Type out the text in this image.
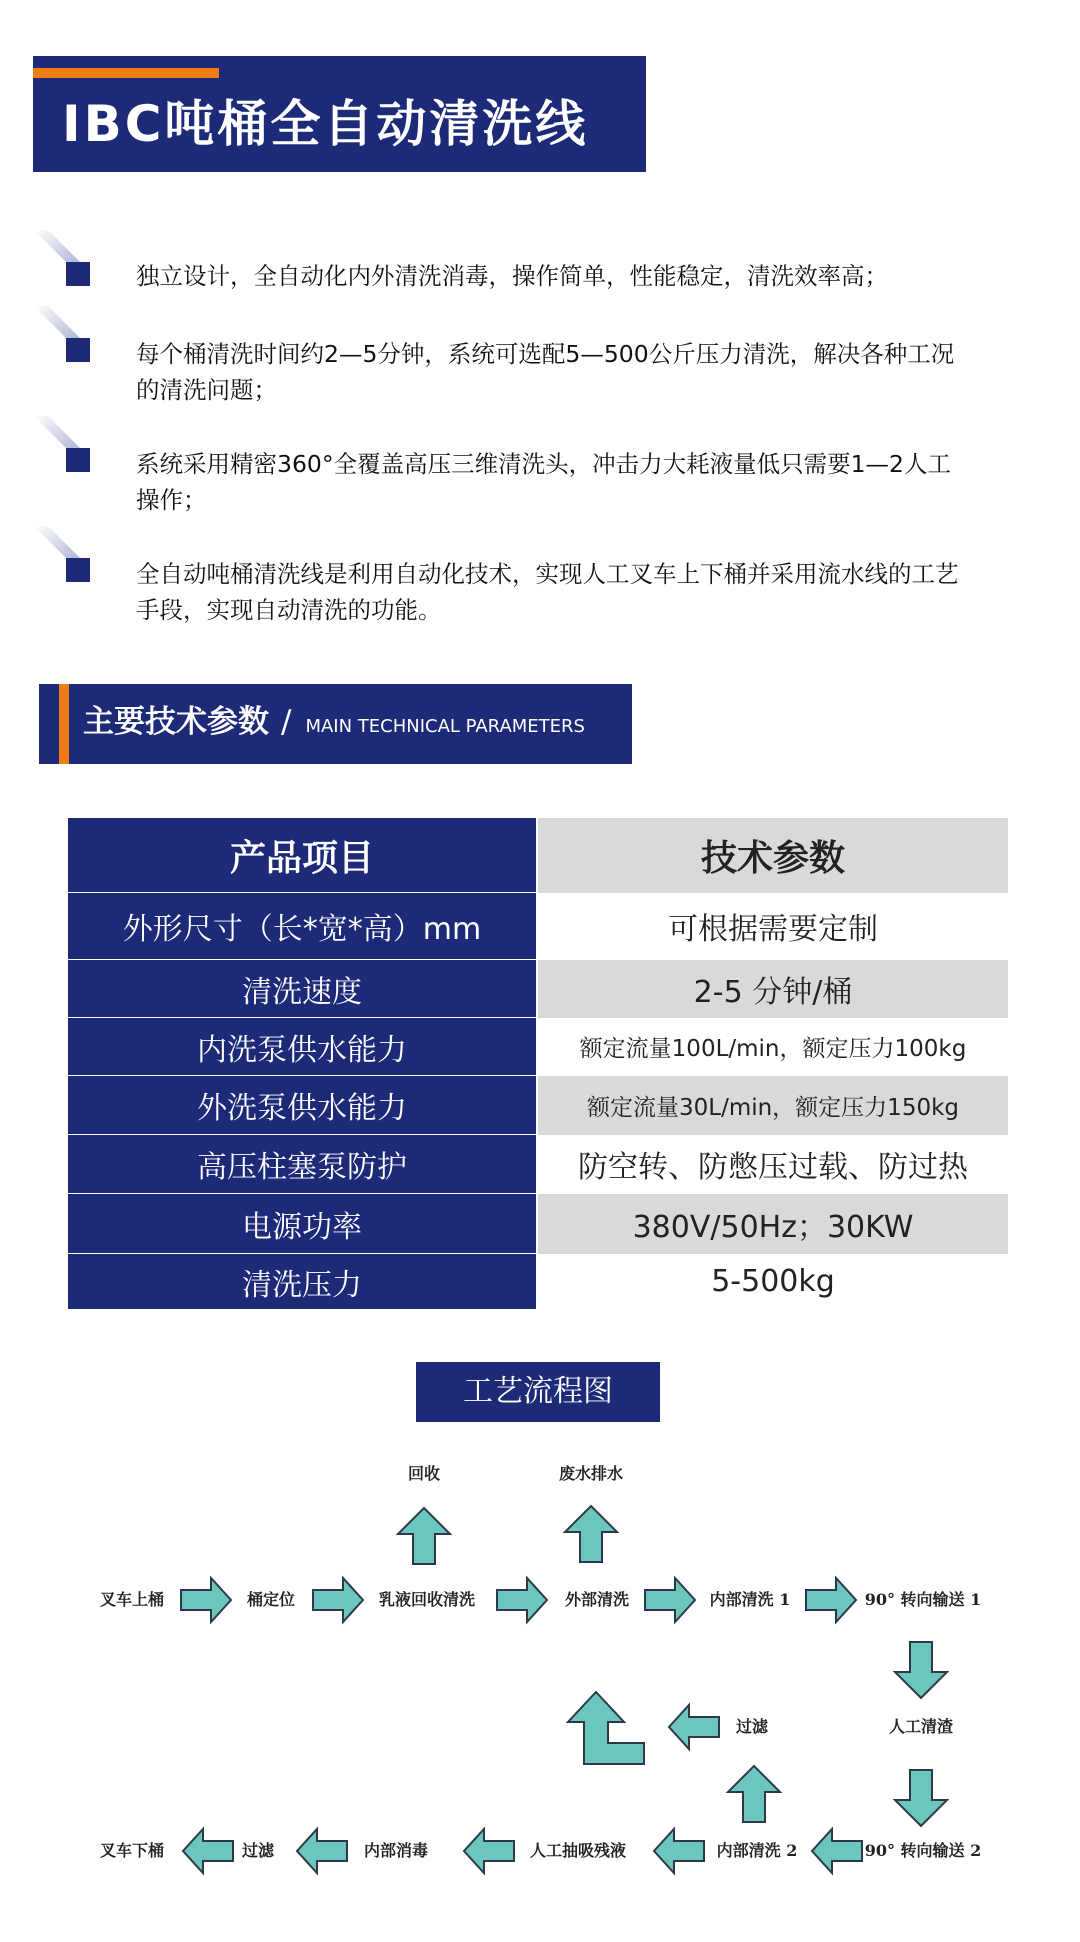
IBC吨桶全自动清洗线
独立设计，全自动化内外清洗消毒，操作简单，性能稳定，清洗效率高；
每个桶清洗时间约2—5分钟，系统可选配5—500公斤压力清洗，解决各种工况的清洗问题；
系统采用精密360°全覆盖高压三维清洗头，冲击力大耗液量低只需要1—2人工操作；
全自动吨桶清洗线是利用自动化技术，实现人工叉车上下桶并采用流水线的工艺手段，实现自动清洗的功能。
主要技术参数 / MAIN TECHNICAL PARAMETERS
产品项目	技术参数
外形尺寸（长*宽*高）mm	可根据需要定制
清洗速度	2-5 分钟/桶
内洗泵供水能力	额定流量100L/min，额定压力100kg
外洗泵供水能力	额定流量30L/min，额定压力150kg
高压柱塞泵防护	防空转、防憋压过载、防过热
电源功率	380V/50Hz；30KW
清洗压力	5-500kg
工艺流程图
回收	废水排水
叉车上桶	桶定位	乳液回收清洗	外部清洗	内部清洗 1	90° 转向输送 1
过滤	人工清渣
叉车下桶	过滤	内部消毒	人工抽吸残液	内部清洗 2	90° 转向输送 2
